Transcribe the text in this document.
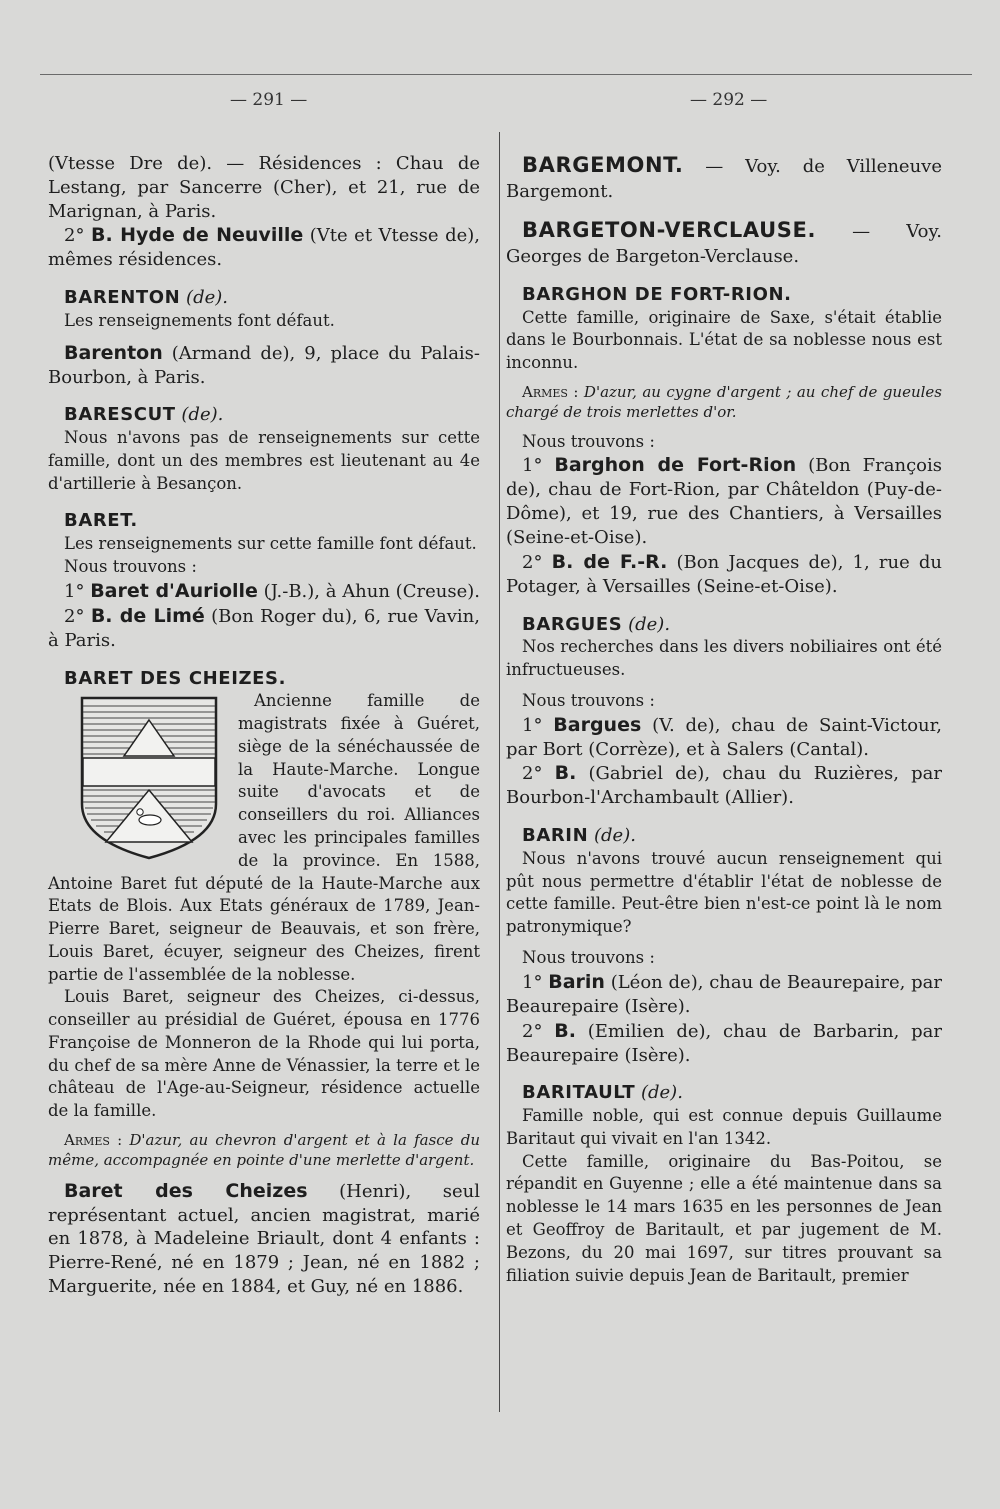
— 291 —	— 292 —

(Vtesse Dre de). — Résidences : Chau de Lestang, par Sancerre (Cher), et 21, rue de Marignan, à Paris.

2° B. Hyde de Neuville (Vte et Vtesse de), mêmes résidences.

BARENTON (de).

Les renseignements font défaut.

Barenton (Armand de), 9, place du Palais-Bourbon, à Paris.

BARESCUT (de).

Nous n'avons pas de renseignements sur cette famille, dont un des membres est lieutenant au 4e d'artillerie à Besançon.

BARET.

Les renseignements sur cette famille font défaut.

Nous trouvons :

1° Baret d'Auriolle (J.-B.), à Ahun (Creuse).

2° B. de Limé (Bon Roger du), 6, rue Vavin, à Paris.

BARET DES CHEIZES.

Ancienne famille de magistrats fixée à Guéret, siège de la sénéchaussée de la Haute-Marche. Longue suite d'avocats et de conseillers du roi. Alliances avec les principales familles de la province. En 1588, Antoine Baret fut député de la Haute-Marche aux Etats de Blois. Aux Etats généraux de 1789, Jean-Pierre Baret, seigneur de Beauvais, et son frère, Louis Baret, écuyer, seigneur des Cheizes, firent partie de l'assemblée de la noblesse.

Louis Baret, seigneur des Cheizes, ci-dessus, conseiller au présidial de Guéret, épousa en 1776 Françoise de Monneron de la Rhode qui lui porta, du chef de sa mère Anne de Vénassier, la terre et le château de l'Age-au-Seigneur, résidence actuelle de la famille.

Armes : D'azur, au chevron d'argent et à la fasce du même, accompagnée en pointe d'une merlette d'argent.

Baret des Cheizes (Henri), seul représentant actuel, ancien magistrat, marié en 1878, à Madeleine Briault, dont 4 enfants : Pierre-René, né en 1879 ; Jean, né en 1882 ; Marguerite, née en 1884, et Guy, né en 1886.

BARGEMONT. — Voy. de Villeneuve Bargemont.

BARGETON-VERCLAUSE. — Voy. Georges de Bargeton-Verclause.

BARGHON DE FORT-RION.

Cette famille, originaire de Saxe, s'était établie dans le Bourbonnais. L'état de sa noblesse nous est inconnu.

Armes : D'azur, au cygne d'argent ; au chef de gueules chargé de trois merlettes d'or.

Nous trouvons :

1° Barghon de Fort-Rion (Bon François de), chau de Fort-Rion, par Châteldon (Puy-de-Dôme), et 19, rue des Chantiers, à Versailles (Seine-et-Oise).

2° B. de F.-R. (Bon Jacques de), 1, rue du Potager, à Versailles (Seine-et-Oise).

BARGUES (de).

Nos recherches dans les divers nobiliaires ont été infructueuses.

Nous trouvons :

1° Bargues (V. de), chau de Saint-Victour, par Bort (Corrèze), et à Salers (Cantal).

2° B. (Gabriel de), chau du Ruzières, par Bourbon-l'Archambault (Allier).

BARIN (de).

Nous n'avons trouvé aucun renseignement qui pût nous permettre d'établir l'état de noblesse de cette famille. Peut-être bien n'est-ce point là le nom patronymique?

Nous trouvons :

1° Barin (Léon de), chau de Beaurepaire, par Beaurepaire (Isère).

2° B. (Emilien de), chau de Barbarin, par Beaurepaire (Isère).

BARITAULT (de).

Famille noble, qui est connue depuis Guillaume Baritaut qui vivait en l'an 1342.

Cette famille, originaire du Bas-Poitou, se répandit en Guyenne ; elle a été maintenue dans sa noblesse le 14 mars 1635 en les personnes de Jean et Geoffroy de Baritault, et par jugement de M. Bezons, du 20 mai 1697, sur titres prouvant sa filiation suivie depuis Jean de Baritault, premier
